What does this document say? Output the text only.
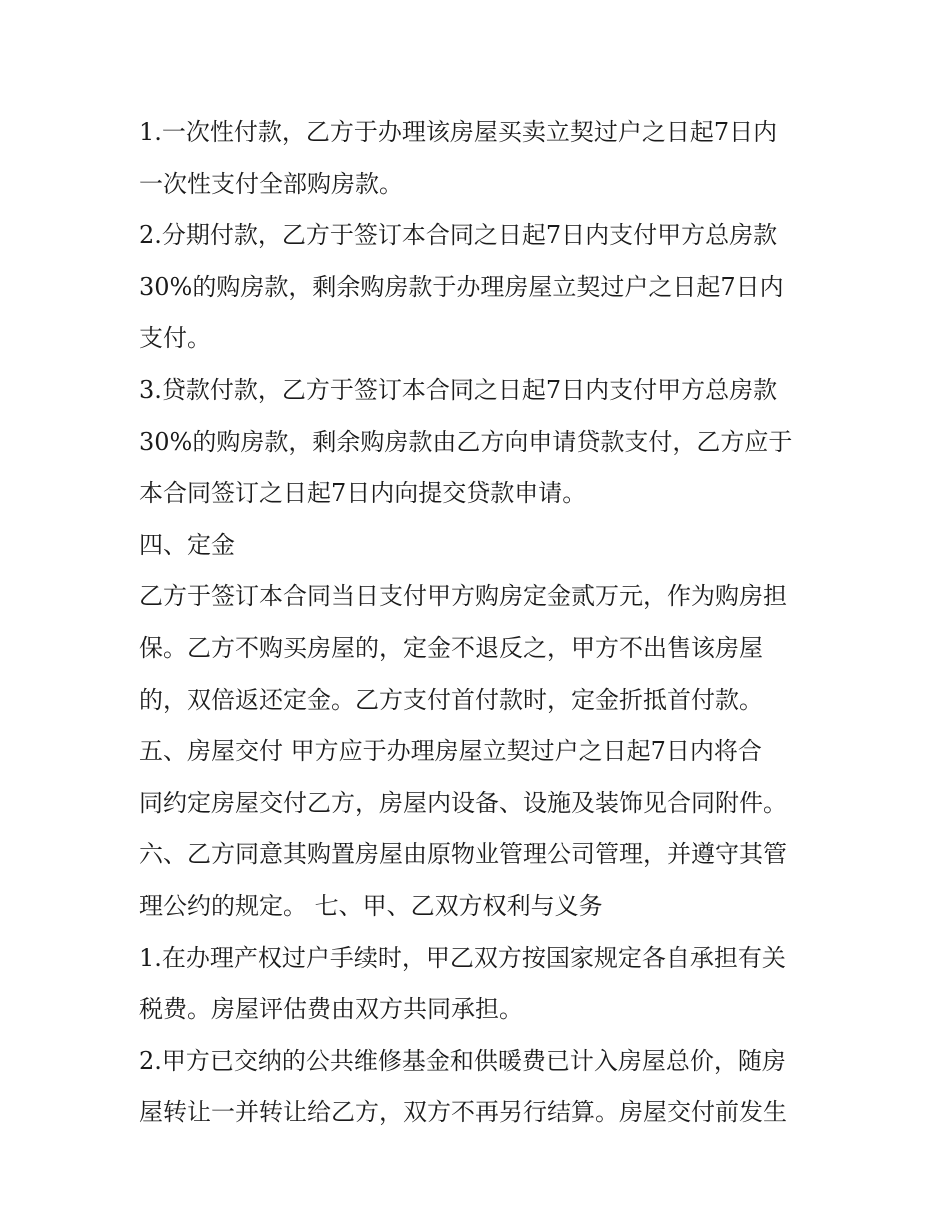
1.一次性付款，乙方于办理该房屋买卖立契过户之日起7日内
一次性支付全部购房款。
2.分期付款，乙方于签订本合同之日起7日内支付甲方总房款
30%的购房款，剩余购房款于办理房屋立契过户之日起7日内
支付。
3.贷款付款，乙方于签订本合同之日起7日内支付甲方总房款
30%的购房款，剩余购房款由乙方向申请贷款支付，乙方应于
本合同签订之日起7日内向提交贷款申请。
四、定金
乙方于签订本合同当日支付甲方购房定金贰万元，作为购房担
保。乙方不购买房屋的，定金不退反之，甲方不出售该房屋
的，双倍返还定金。乙方支付首付款时，定金折抵首付款。
五、房屋交付 甲方应于办理房屋立契过户之日起7日内将合
同约定房屋交付乙方，房屋内设备、设施及装饰见合同附件。
六、乙方同意其购置房屋由原物业管理公司管理，并遵守其管
理公约的规定。 七、甲、乙双方权利与义务
1.在办理产权过户手续时，甲乙双方按国家规定各自承担有关
税费。房屋评估费由双方共同承担。
2.甲方已交纳的公共维修基金和供暖费已计入房屋总价，随房
屋转让一并转让给乙方，双方不再另行结算。房屋交付前发生
